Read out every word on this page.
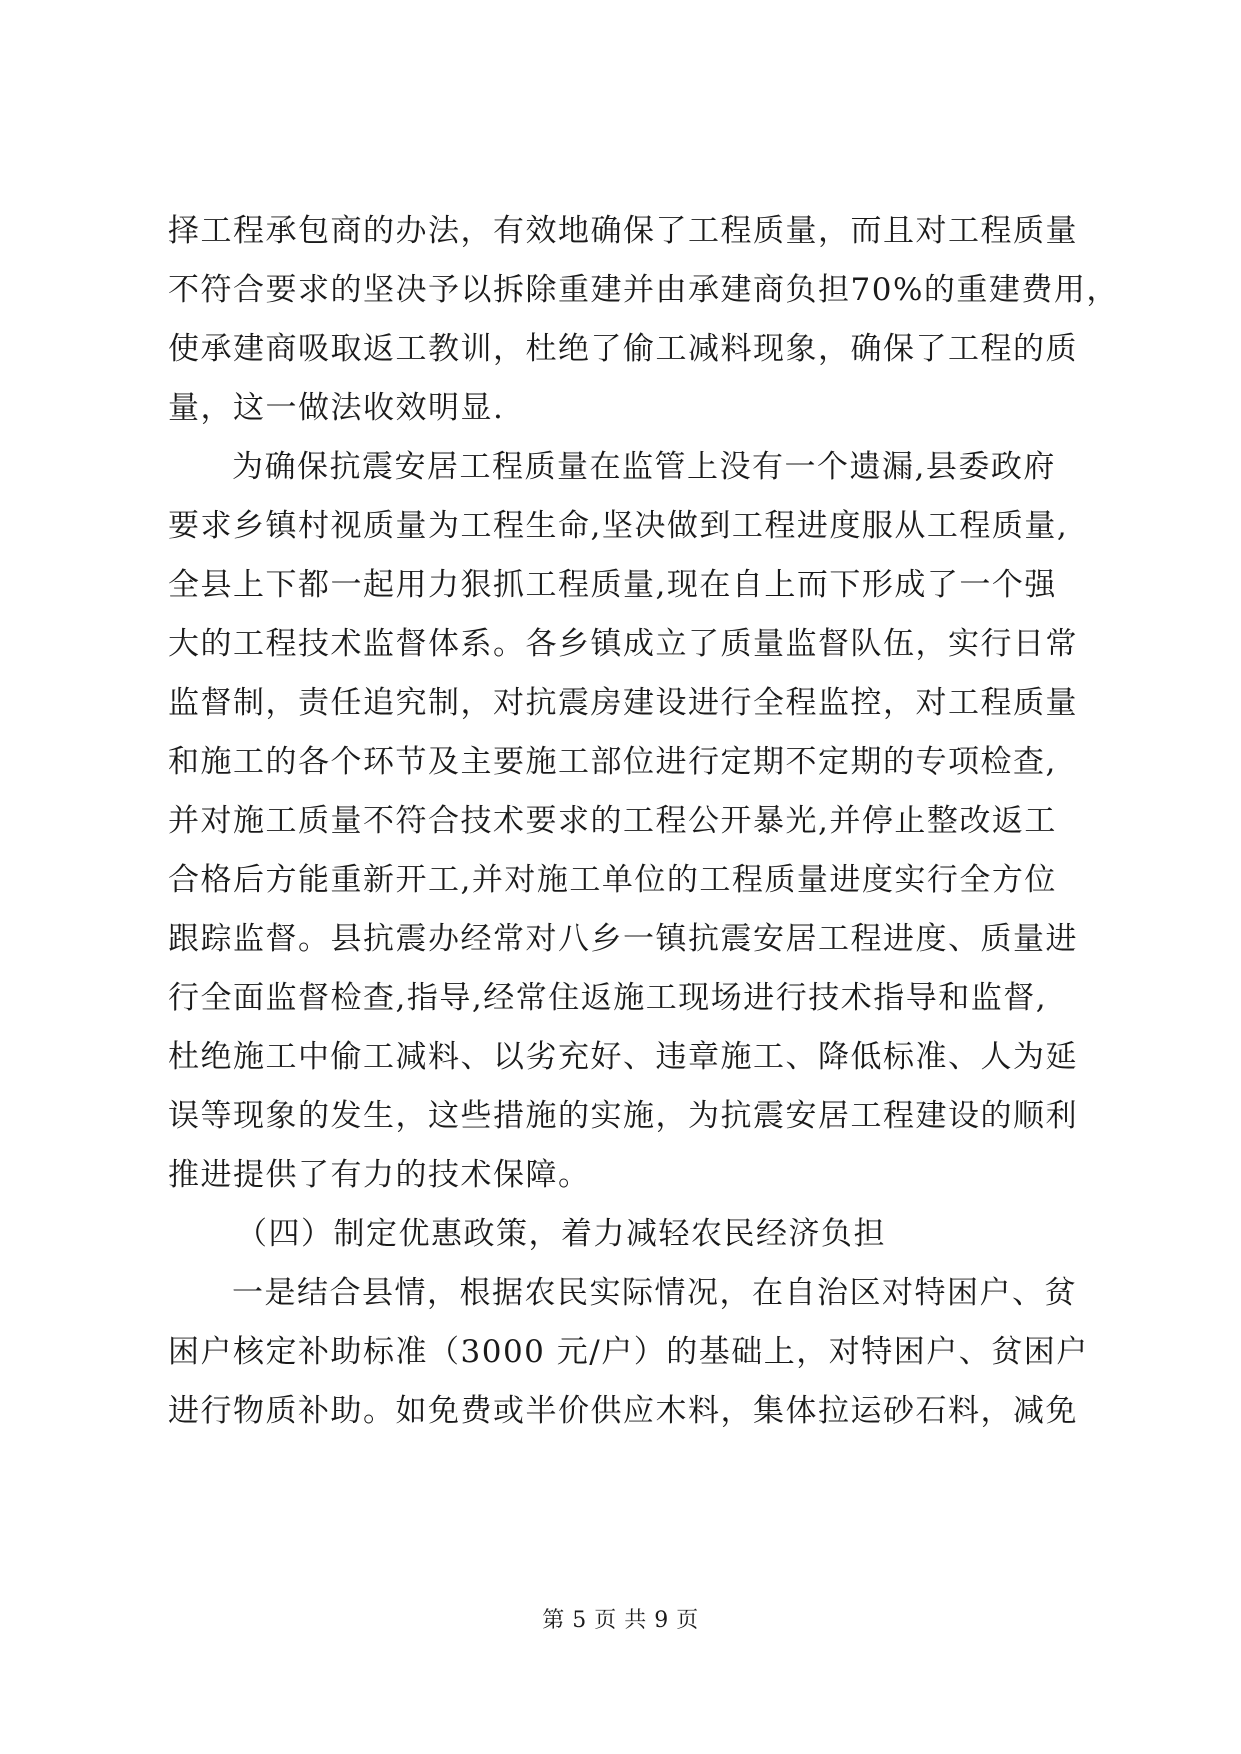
择工程承包商的办法，有效地确保了工程质量，而且对工程质量
不符合要求的坚决予以拆除重建并由承建商负担70%的重建费用，
使承建商吸取返工教训，杜绝了偷工减料现象，确保了工程的质
量，这一做法收效明显.
为确保抗震安居工程质量在监管上没有一个遗漏,县委政府
要求乡镇村视质量为工程生命,坚决做到工程进度服从工程质量,
全县上下都一起用力狠抓工程质量,现在自上而下形成了一个强
大的工程技术监督体系。各乡镇成立了质量监督队伍，实行日常
监督制，责任追究制，对抗震房建设进行全程监控，对工程质量
和施工的各个环节及主要施工部位进行定期不定期的专项检查,
并对施工质量不符合技术要求的工程公开暴光,并停止整改返工
合格后方能重新开工,并对施工单位的工程质量进度实行全方位
跟踪监督。县抗震办经常对八乡一镇抗震安居工程进度、质量进
行全面监督检查,指导,经常住返施工现场进行技术指导和监督,
杜绝施工中偷工减料、以劣充好、违章施工、降低标准、人为延
误等现象的发生，这些措施的实施，为抗震安居工程建设的顺利
推进提供了有力的技术保障。
（四）制定优惠政策，着力减轻农民经济负担
一是结合县情，根据农民实际情况，在自治区对特困户、贫
困户核定补助标准（3000 元/户）的基础上，对特困户、贫困户
进行物质补助。如免费或半价供应木料，集体拉运砂石料，减免
第 5 页 共 9 页
